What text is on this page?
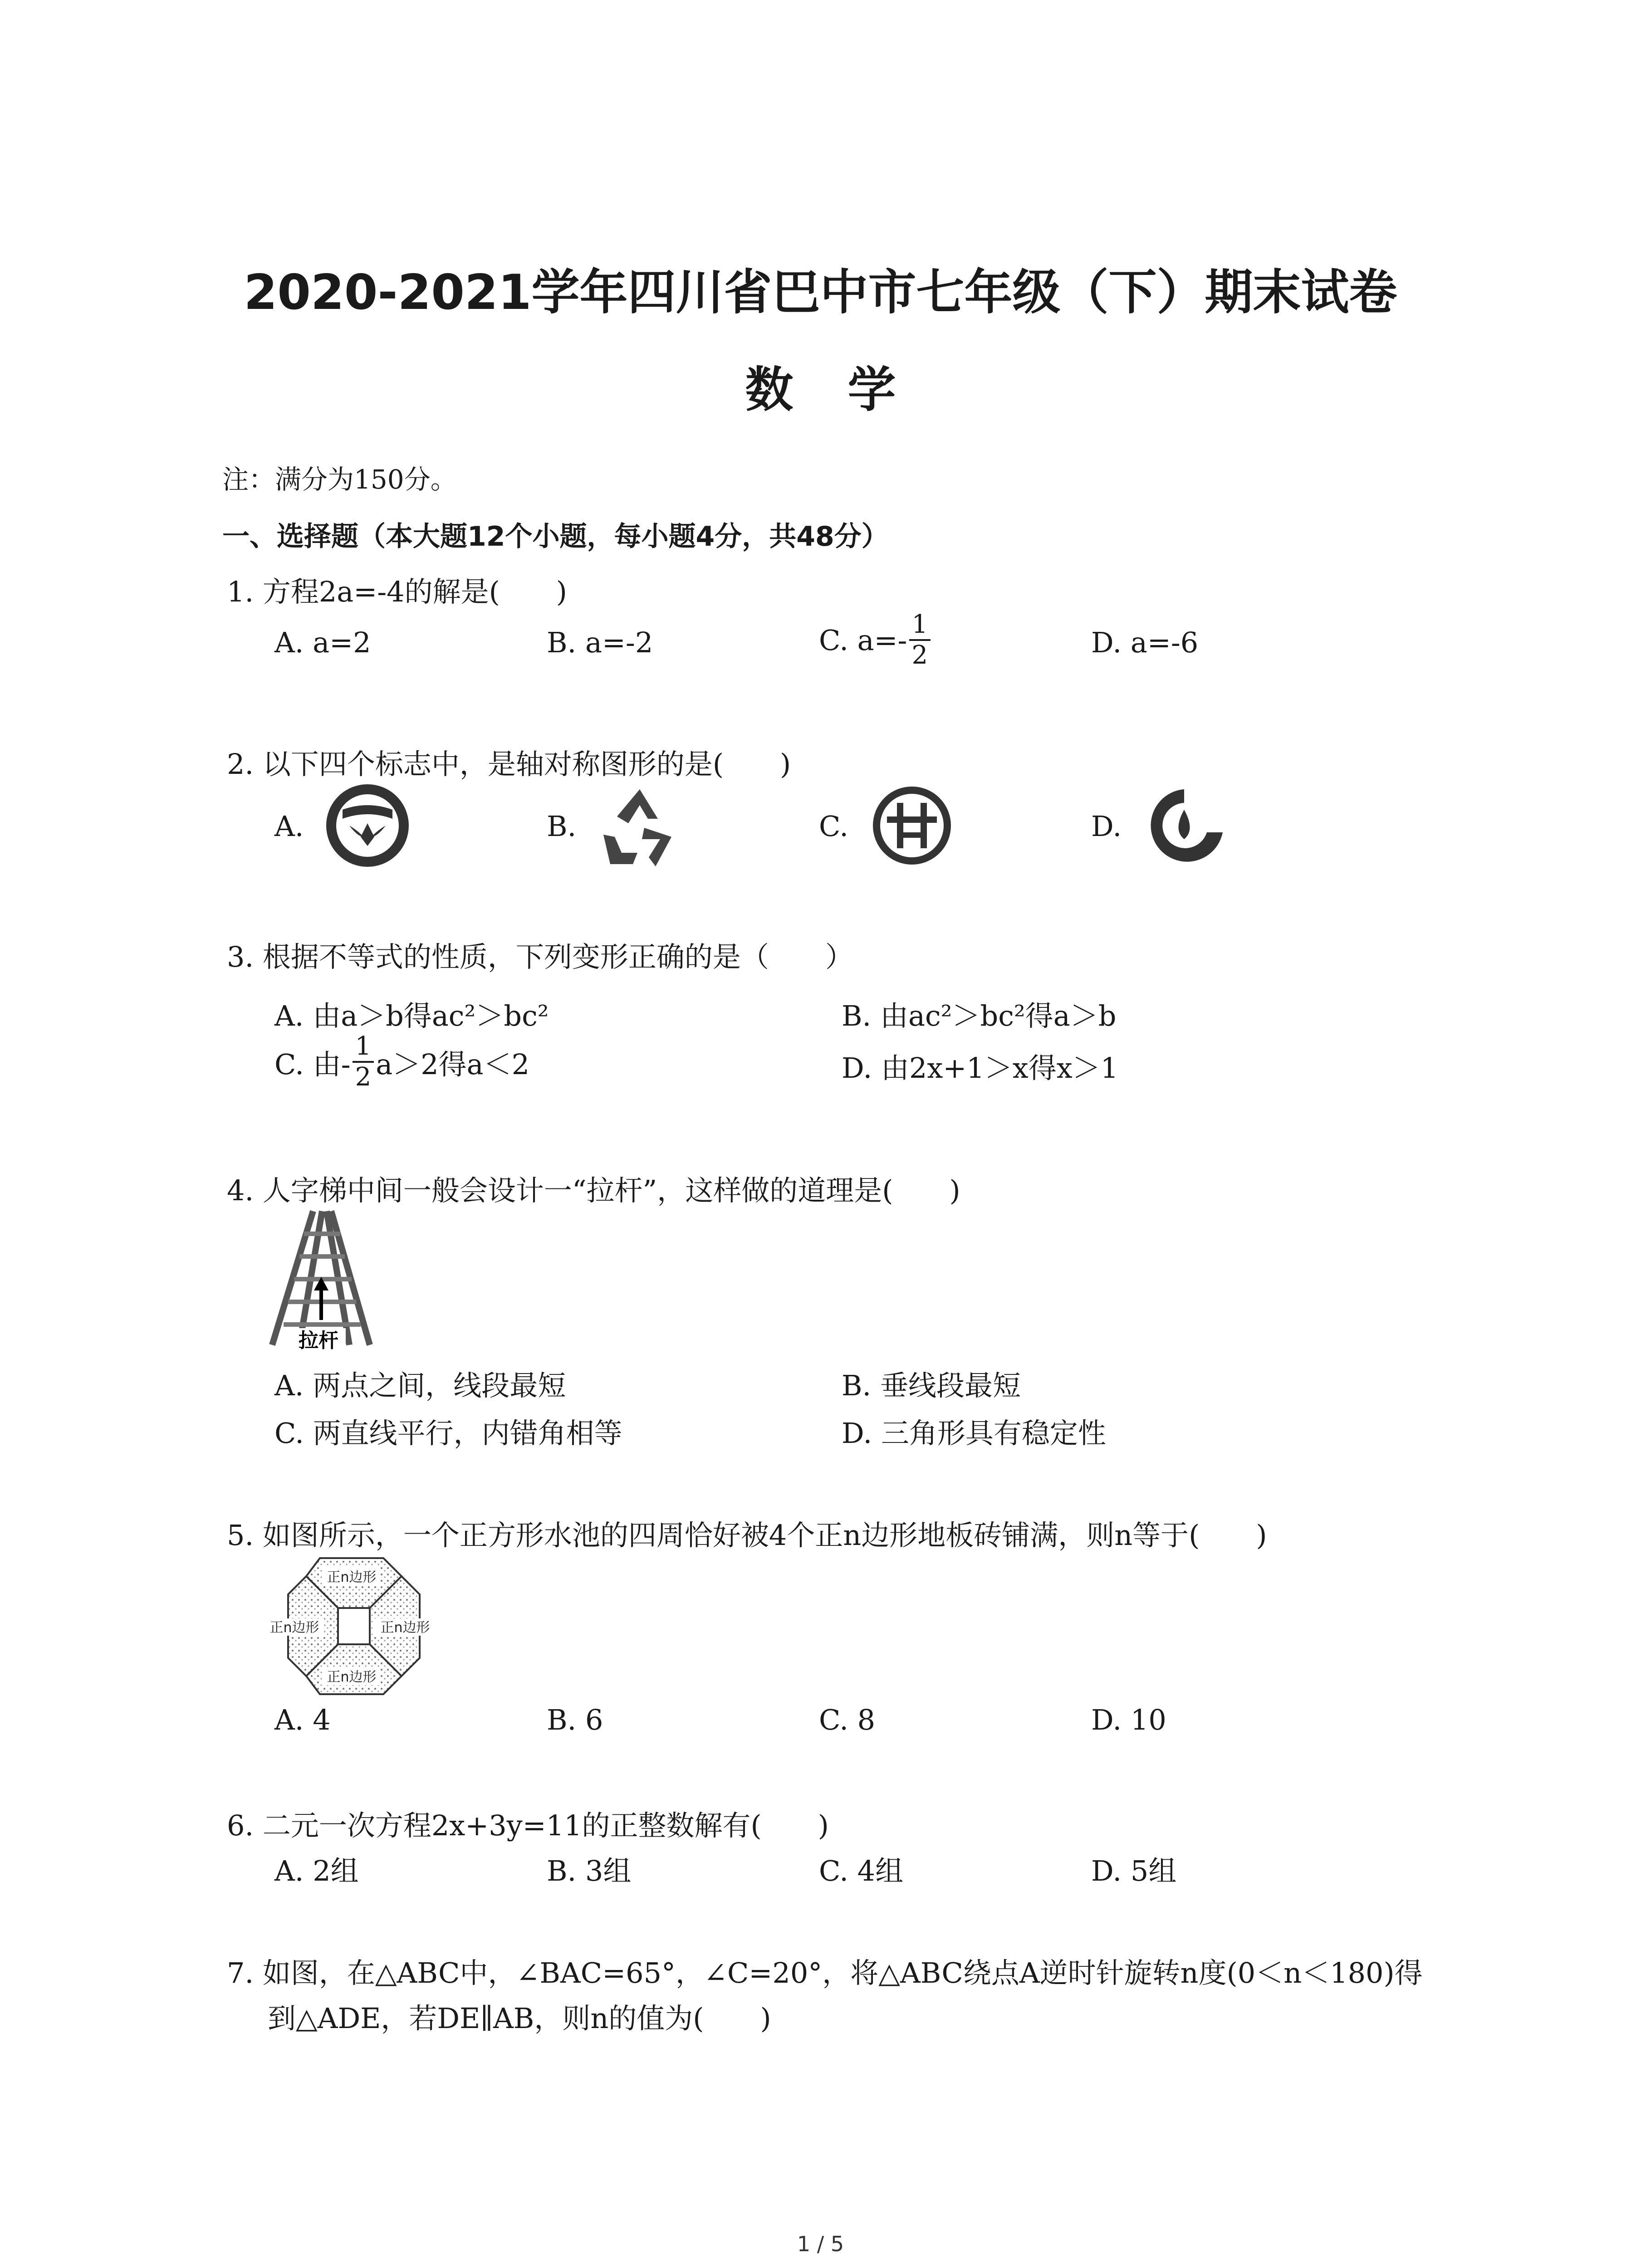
2020-2021学年四川省巴中市七年级（下）期末试卷
数学
注：满分为150分。
一、选择题（本大题12个小题，每小题4分，共48分）
1. 方程2a=-4的解是(　　)
A. a=2	B. a=-2	C. $a=- \frac{1}{2}$	D. a=-6
2. 以下四个标志中，是轴对称图形的是(　　)
A.	B.	C.	D.
3. 根据不等式的性质，下列变形正确的是（　　）
A. 由a＞b得ac²＞bc²	B. 由ac²＞bc²得a＞b
C. 由- $\frac{1}{2} a>2$得a＜2	D. 由2x+1＞x得x＞1
4. 人字梯中间一般会设计一“拉杆”，这样做的道理是(　　)
拉杆
A. 两点之间，线段最短	B. 垂线段最短
C. 两直线平行，内错角相等	D. 三角形具有稳定性
5. 如图所示，一个正方形水池的四周恰好被4个正n边形地板砖铺满，则n等于(　　)
正n边形
正n边形	正n边形
正n边形
A. 4	B. 6	C. 8	D. 10
6. 二元一次方程2x+3y=11的正整数解有(　　)
A. 2组	B. 3组	C. 4组	D. 5组
7. 如图，在△ABC中，∠BAC=65°，∠C=20°，将△ABC绕点A逆时针旋转n度(0＜n＜180)得
到△ADE，若DE∥AB，则n的值为(　　)
1 / 5
